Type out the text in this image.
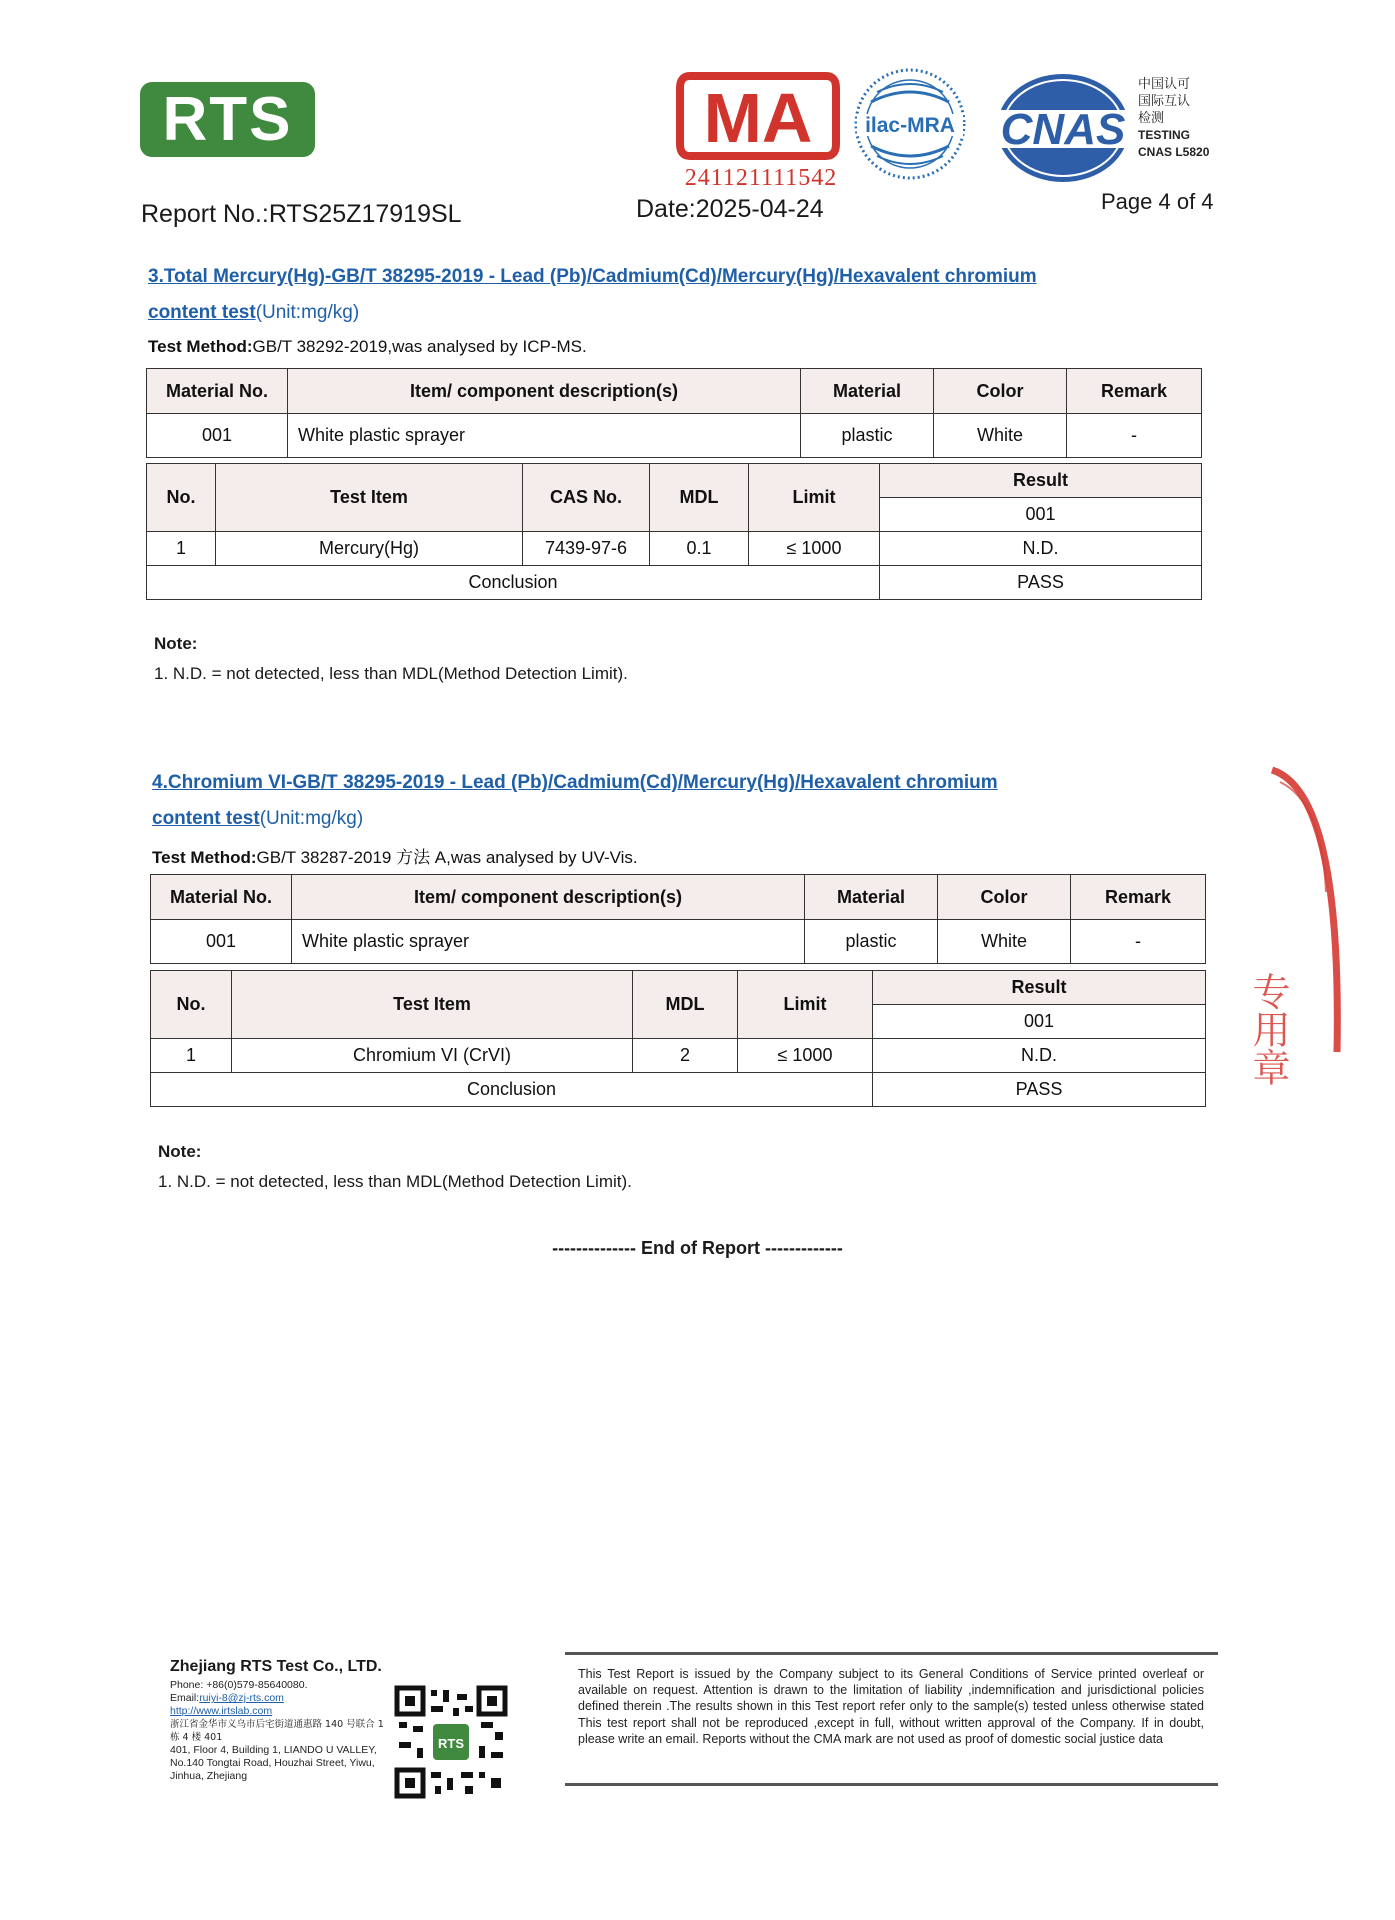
RTS	MA
241121111542
ilac-MRA CNAS
中国认可
国际互认
检测
TESTING
CNAS L5820
Report No.:RTS25Z17919SL	Date:2025-04-24	Page 4 of 4
3.Total Mercury(Hg)-GB/T 38295-2019 - Lead (Pb)/Cadmium(Cd)/Mercury(Hg)/Hexavalent chromium
content test(Unit:mg/kg)
Test Method:GB/T 38292-2019,was analysed by ICP-MS.
Material No.	Item/ component description(s)	Material	Color	Remark
001	White plastic sprayer	plastic	White	-
No.	Test Item	CAS No.	MDL	Limit	Result
					001
1	Mercury(Hg)	7439-97-6	0.1	≤ 1000	N.D.
Conclusion					PASS
Note:
1. N.D. = not detected, less than MDL(Method Detection Limit).
4.Chromium VI-GB/T 38295-2019 - Lead (Pb)/Cadmium(Cd)/Mercury(Hg)/Hexavalent chromium
content test(Unit:mg/kg)
Test Method:GB/T 38287-2019 方法 A,was analysed by UV-Vis.
Material No.	Item/ component description(s)	Material	Color	Remark
001	White plastic sprayer	plastic	White	-
No.	Test Item	MDL	Limit	Result
				001
1	Chromium VI (CrVI)	2	≤ 1000	N.D.
Conclusion				PASS
Note:
1. N.D. = not detected, less than MDL(Method Detection Limit).
-------------- End of Report -------------
专用章
Zhejiang RTS Test Co., LTD.
Phone: +86(0)579-85640080.
Email:ruiyi-8@zj-rts.com
http://www.irtslab.com
浙江省金华市义乌市后宅街道通惠路 140 号联合 1 栋 4 楼 401
401, Floor 4, Building 1, LIANDO U VALLEY, No.140 Tongtai Road, Houzhai Street, Yiwu, Jinhua, Zhejiang
RTS
This Test Report is issued by the Company subject to its General Conditions of Service printed overleaf or available on request. Attention is drawn to the limitation of liability ,indemnification and jurisdictional policies defined therein .The results shown in this Test report refer only to the sample(s) tested unless otherwise stated This test report shall not be reproduced ,except in full, without written approval of the Company. If in doubt, please write an email. Reports without the CMA mark are not used as proof of domestic social justice data
